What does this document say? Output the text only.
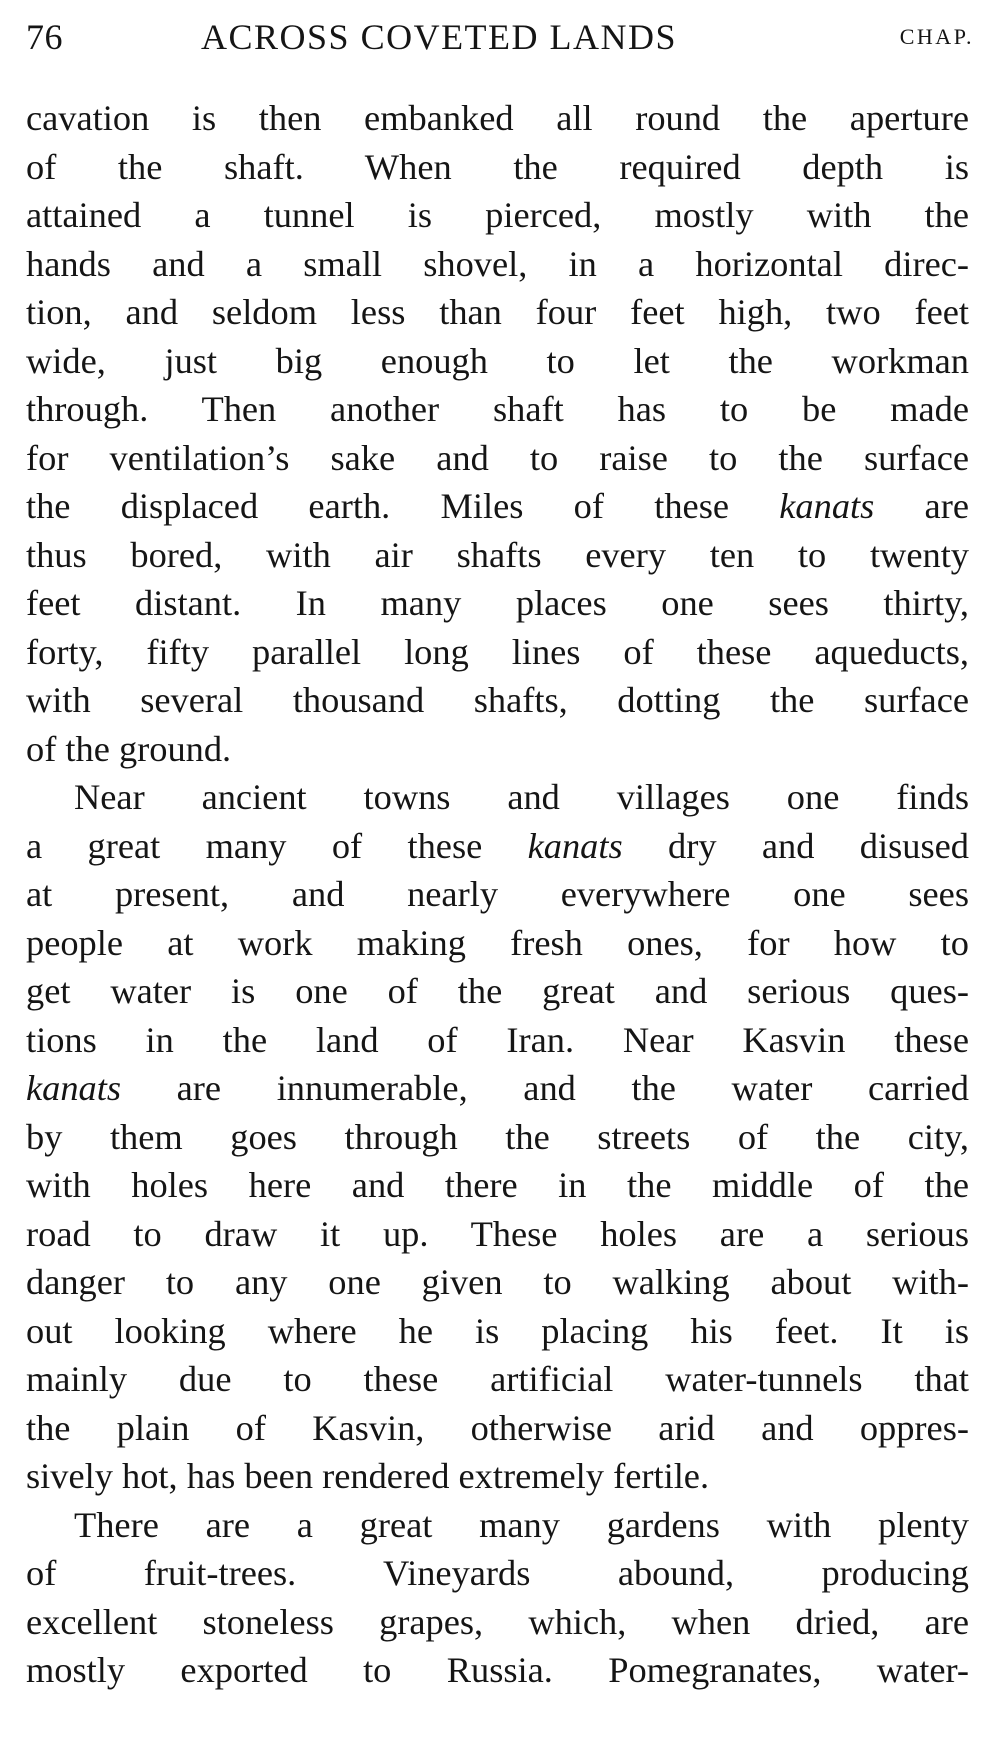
76	ACROSS COVETED LANDS	CHAP.
cavation is then embanked all round the aperture
of the shaft. When the required depth is
attained a tunnel is pierced, mostly with the
hands and a small shovel, in a horizontal direc-
tion, and seldom less than four feet high, two feet
wide, just big enough to let the workman
through. Then another shaft has to be made
for ventilation’s sake and to raise to the surface
the displaced earth. Miles of these kanats are
thus bored, with air shafts every ten to twenty
feet distant. In many places one sees thirty,
forty, fifty parallel long lines of these aqueducts,
with several thousand shafts, dotting the surface
of the ground.
Near ancient towns and villages one finds
a great many of these kanats dry and disused
at present, and nearly everywhere one sees
people at work making fresh ones, for how to
get water is one of the great and serious ques-
tions in the land of Iran. Near Kasvin these
kanats are innumerable, and the water carried
by them goes through the streets of the city,
with holes here and there in the middle of the
road to draw it up. These holes are a serious
danger to any one given to walking about with-
out looking where he is placing his feet. It is
mainly due to these artificial water-tunnels that
the plain of Kasvin, otherwise arid and oppres-
sively hot, has been rendered extremely fertile.
There are a great many gardens with plenty
of fruit-trees. Vineyards abound, producing
excellent stoneless grapes, which, when dried, are
mostly exported to Russia. Pomegranates, water-
